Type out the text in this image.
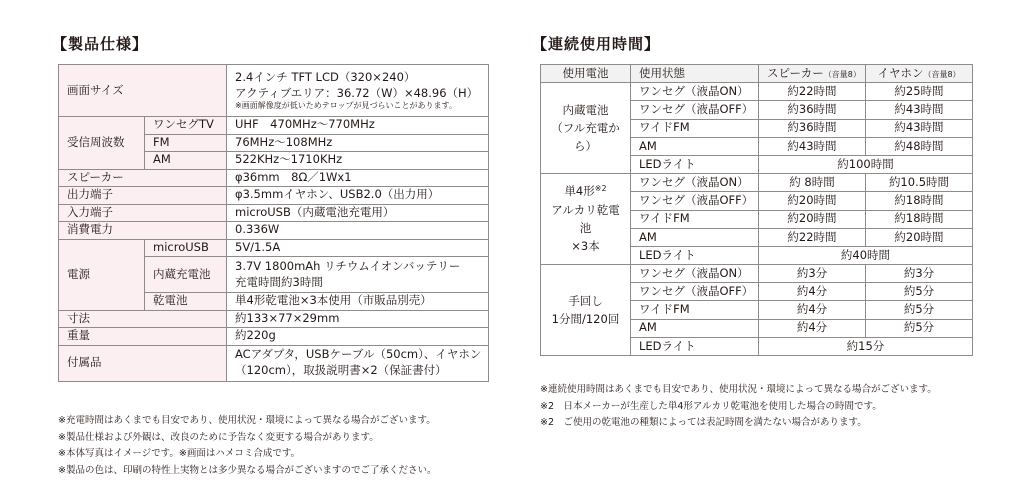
【製品仕様】
画面サイズ		2.4インチ TFT LCD（320×240）
アクティブエリア：36.72（W）×48.96（H）
※画面解像度が低いためテロップが見づらいことがあります。

受信周波数	ワンセグTV	UHF　470MHz～770MHz
	FM	76MHz～108MHz
	AM	522KHz～1710KHz
スピーカー		φ36mm　8Ω／1Wx1
出力端子		φ3.5mmイヤホン、USB2.0（出力用）
入力端子		microUSB（内蔵電池充電用）
消費電力		0.336W
電源	microUSB	5V/1.5A
	内蔵充電池	3.7V 1800mAh リチウムイオンバッテリー
充電時間約3時間

	乾電池	単4形乾電池×3本使用（市販品別売）
寸法		約133×77×29mm
重量		約220g
付属品		ACアダプタ，USBケーブル（50cm）、イヤホン
（120cm），取扱説明書×2（保証書付）
※充電時間はあくまでも目安であり、使用状況・環境によって異なる場合がございます。
※製品仕様および外観は、改良のために予告なく変更する場合があります。
※本体写真はイメージです。※画面はハメコミ合成です。
※製品の色は、印刷の特性上実物とは多少異なる場合がございますのでご了承ください。
【連続使用時間】
使用電池	使用状態	スピーカー（音量8）	イヤホン（音量8）

内蔵電池
（フル充電から）	ワンセグ（液晶ON）	約22時間	約25時間
	ワンセグ（液晶OFF）	約36時間	約43時間
	ワイドFM	約36時間	約43時間
	AM	約43時間	約48時間
	LEDライト	約100時間	

単4形$^{※2}$
アルカリ乾電池
×3本	ワンセグ（液晶ON）	約 8時間	約10.5時間
	ワンセグ（液晶OFF）	約20時間	約18時間
	ワイドFM	約20時間	約18時間
	AM	約22時間	約20時間
	LEDライト	約40時間	

手回し
1分間/120回	ワンセグ（液晶ON）	約3分	約3分
	ワンセグ（液晶OFF）	約4分	約5分
	ワイドFM	約4分	約5分
	AM	約4分	約5分
	LEDライト	約15分	
※連続使用時間はあくまでも目安であり、使用状況・環境によって異なる場合がございます。
※2　日本メーカーが生産した単4形アルカリ乾電池を使用した場合の時間です。
※2　ご使用の乾電池の種類によっては表記時間を満たない場合があります。
